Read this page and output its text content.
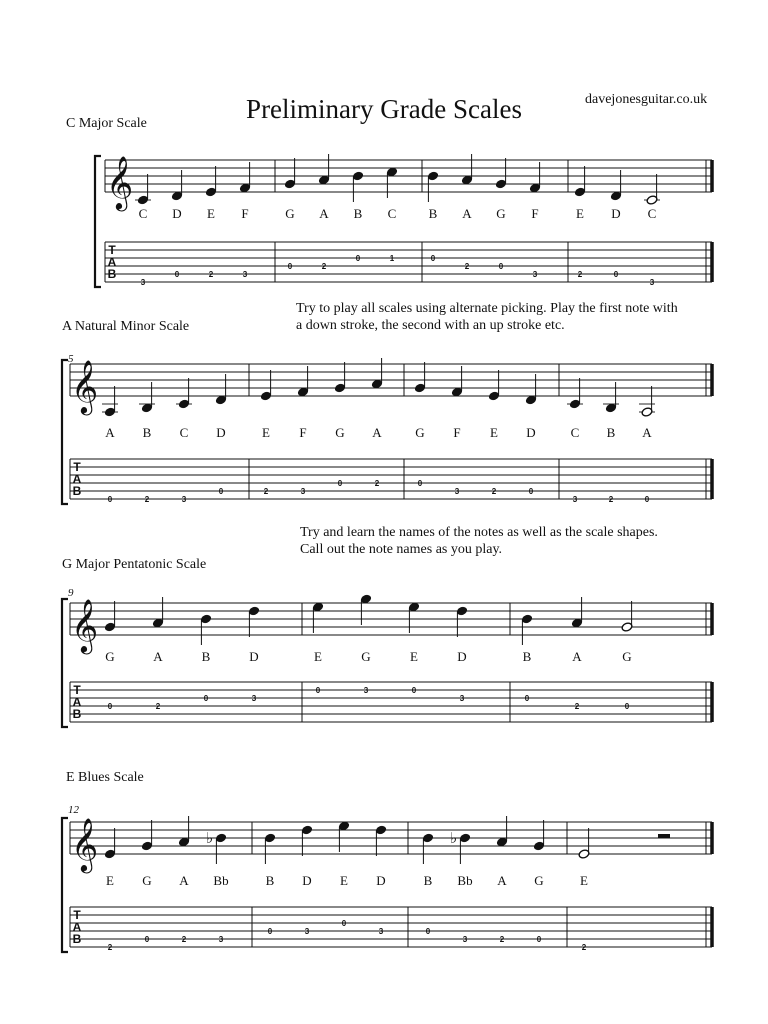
Preliminary Grade Scales	davejonesguitar.co.uk
C Major Scale
A Natural Minor Scale
G Major Pentatonic Scale
E Blues Scale
Try to play all scales using alternate picking. Play the first note with
a down stroke, the second with an up stroke etc.
Try and learn the names of the notes as well as the scale shapes.
Call out the note names as you play.
𝄞
T
A
B
C
3
D
0
E
2
F
3
G
0
A
2
B
0
C
1
B
0
A
2
G
0
F
3
E
2
D
0
C
3
𝄞
T
A
B
5
A
0
B
2
C
3
D
0
E
2
F
3
G
0
A
2
G
0
F
3
E
2
D
0
C
3
B
2
A
0
𝄞
T
A
B
9
G
0
A
2
B
0
D
3
E
0
G
3
E
0
D
3
B
0
A
2
G
0
𝄞
T
A
B
12
E
2
G
0
A
2
♭
Bb
3
B
0
D
3
E
0
D
3
B
0
♭
Bb
3
A
2
G
0
E
2
